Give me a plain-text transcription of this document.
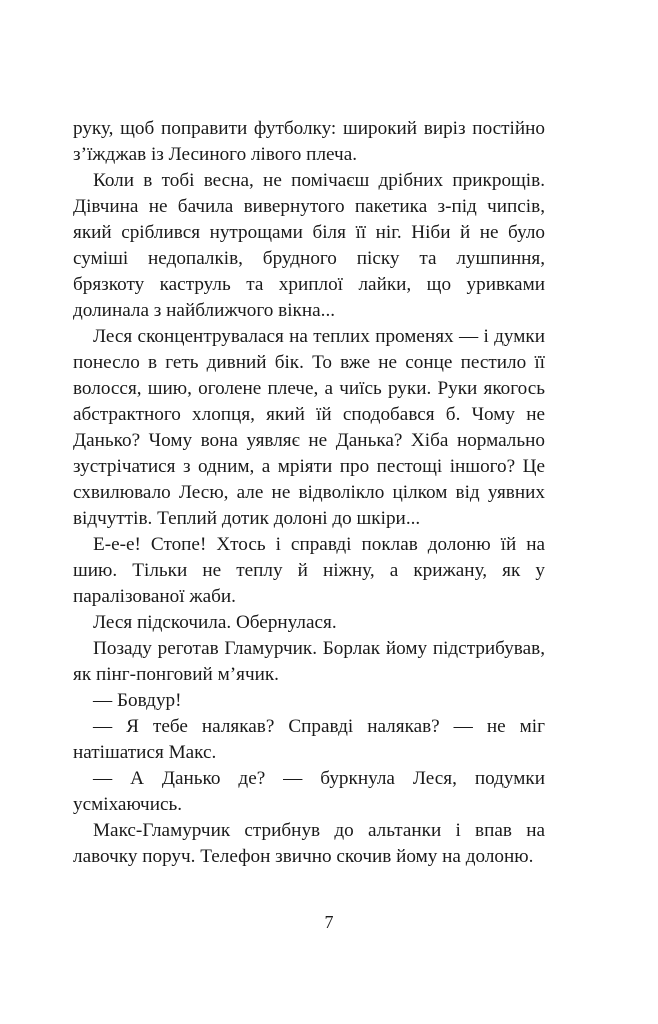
руку, щоб поправити футболку: широкий виріз постійно з’їжджав із Лесиного лівого плеча.

Коли в тобі весна, не помічаєш дрібних прикрощів. Дівчина не бачила вивернутого пакетика з-під чипсів, який сріблився нутрощами біля її ніг. Ніби й не було суміші недопалків, брудного піску та лушпиння, брязкоту каструль та хриплої лайки, що уривками долинала з найближчого вікна...

Леся сконцентрувалася на теплих променях — і думки понесло в геть дивний бік. То вже не сонце пестило її волосся, шию, оголене плече, а чиїсь руки. Руки якогось абстрактного хлопця, який їй сподобався б. Чому не Данько? Чому вона уявляє не Данька? Хіба нормально зустрічатися з одним, а мріяти про пестощі іншого? Це схвилювало Лесю, але не відволікло цілком від уявних відчуттів. Теплий дотик долоні до шкіри...

Е-е-е! Стопе! Хтось і справді поклав долоню їй на шию. Тільки не теплу й ніжну, а крижану, як у паралізованої жаби.

Леся підскочила. Обернулася.

Позаду реготав Гламурчик. Борлак йому підстрибував, як пінг-понговий м’ячик.

— Бовдур!

— Я тебе налякав? Справді налякав? — не міг натішатися Макс.

— А Данько де? — буркнула Леся, подумки усміхаючись.

Макс-Гламурчик стрибнув до альтанки і впав на лавочку поруч. Телефон звично скочив йому на долоню.

7
